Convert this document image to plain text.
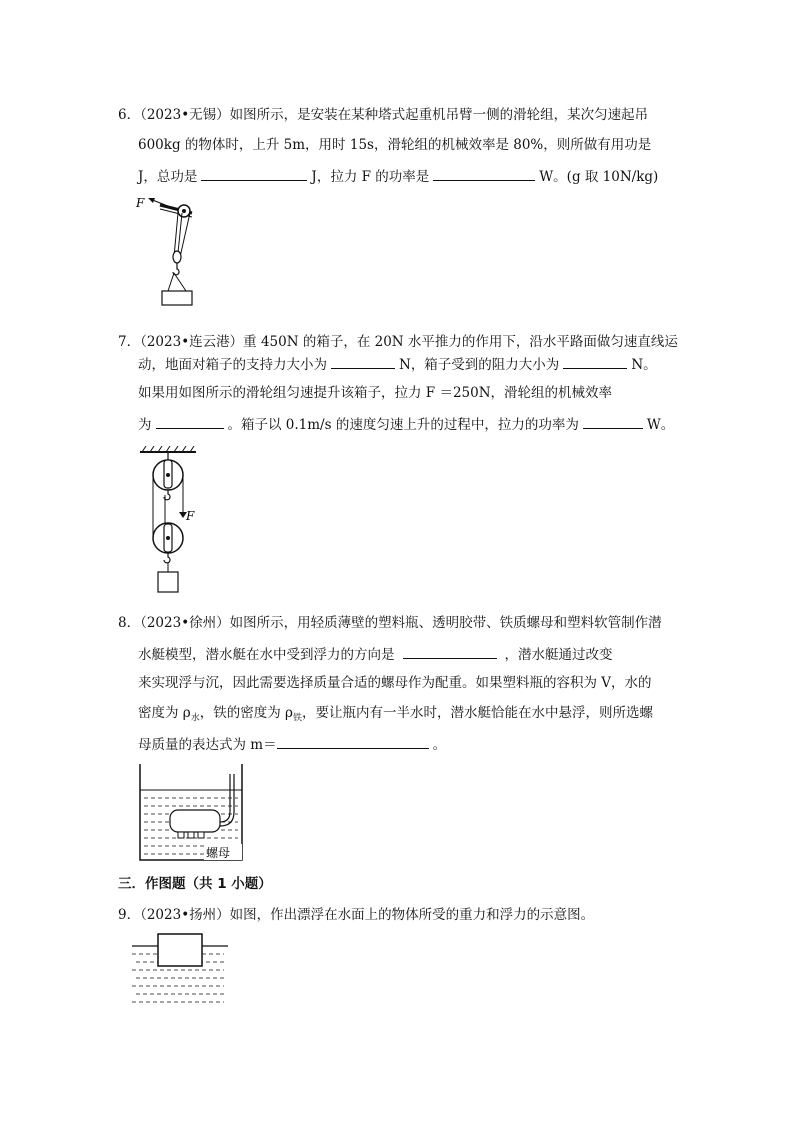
6．（2023•无锡）如图所示，是安装在某种塔式起重机吊臂一侧的滑轮组，某次匀速起吊
600kg 的物体时，上升 5m，用时 15s，滑轮组的机械效率是 80%，则所做有用功是
J，总功是	J，拉力 F 的功率是	W。(g 取 10N/kg)
F
7．（2023•连云港）重 450N 的箱子，在 20N 水平推力的作用下，沿水平路面做匀速直线运
动，地面对箱子的支持力大小为	N，箱子受到的阻力大小为	N。
如果用如图所示的滑轮组匀速提升该箱子，拉力 F ＝250N，滑轮组的机械效率
为	。箱子以 0.1m/s 的速度匀速上升的过程中，拉力的功率为	W。
F
8．（2023•徐州）如图所示，用轻质薄壁的塑料瓶、透明胶带、铁质螺母和塑料软管制作潜
水艇模型，潜水艇在水中受到浮力的方向是	，潜水艇通过改变
来实现浮与沉，因此需要选择质量合适的螺母作为配重。如果塑料瓶的容积为 V，水的
密度为 $\rho_水$，铁的密度为 $\rho_铁$，要让瓶内有一半水时，潜水艇恰能在水中悬浮，则所选螺
母质量的表达式为 m＝	。
螺母
三．作图题（共 1 小题）
9．（2023•扬州）如图，作出漂浮在水面上的物体所受的重力和浮力的示意图。
